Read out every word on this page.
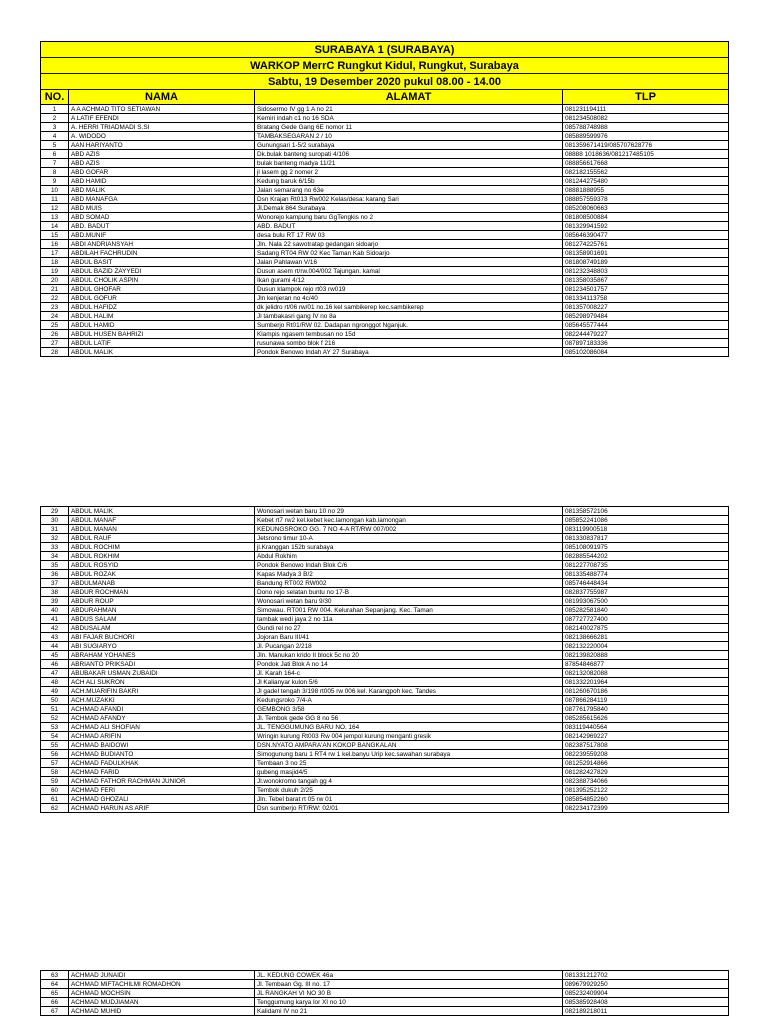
SURABAYA 1 (SURABAYA)			
WARKOP MerrC Rungkut Kidul, Rungkut, Surabaya			
Sabtu, 19 Desember 2020 pukul 08.00 - 14.00			
NO.	NAMA	ALAMAT	TLP
1	A A ACHMAD TITO SETIAWAN	Sidosermo IV gg 1 A no 21	081231194111
2	A LATIF EFENDI	Kemiri indah c1 no 16 SDA	081234508082
3	A. HERRI TRIADMADI S.SI	Bratang Gede Gang 6E nomor 11	085788748988
4	A. WIDODO	TAMBAKSEGARAN 2 / 10	085889599976
5	AAN HARIYANTO	Gunungsari 1-5/2 surabaya	081359671419/085707628776
6	ABD AZIS	Dk.bulak banteng suropati 4/106	08888 1018636/081217485105
7	ABD AZIS	bulak banteng madya 11/21	088856617668
8	ABD GOFAR	jl lasem gg 2 nomer 2	082182155562
9	ABD HAMID	Kedung baruk 6/15b	081244275480
10	ABD MALIK	Jalan semarang no 63e	08881888955
11	ABD MANAFGA	Dsn Krajan Rt013 Rw002 Kelas/desa: karang Sari	088857559378
12	ABD MUIS	Jl.Demak 864 Surabaya	085208060663
13	ABD SOMAD	Wonorejo kampung baru GgTengkis no 2	081808500884
14	ABD. BADUT	ABD. BADUT	081329941592
15	ABD.MUNIF	desa bulu RT 17 RW 03	085646390477
16	ABDI ANDRIANSYAH	Jln. Nala 22 sawotratap gedangan sidoarjo	081274225761
17	ABDILAH FACHRUDIN	Sadang RT04 RW 02 Kec Taman Kab Sidoarjo	081358901691
18	ABDUL BASIT	Jalan Pahlawan V/16	081808749189
19	ABDUL BAZID ZAYYEDI	Dusun asem rt/rw.004/002 Tajungan. kamal	081232348803
20	ABDUL CHOLIK ASPIN	Ikan gurami 4/12	081358035867
21	ABDUL GHOFAR	Dusun klampok rejo rt03 rw019	081234501757
22	ABDUL GOFUR	Jln kenjeran no 4c/40	081334113758
23	ABDUL HAFIDZ	dk jelidro rt/06 rw/01 no.16 kel sambikerep kec.sambikerep	081357008227
24	ABDUL HALIM	Jl tambakasri gang IV no 8a	085298979484
25	ABDUL HAMID	Sumberjo Rt01/RW 02. Dadapan ngronggot Nganjuk.	085645577444
26	ABDUL HUSEN BAHRIZI	Klampis ngasem tembusan no 15d	082244479227
27	ABDUL LATIF	rusunawa sombo blok f 216	087897183336
28	ABDUL MALIK	Pondok Benowo Indah AY 27 Surabaya	085102086084
29	ABDUL MALIK	Wonosari wetan baru 10 no 29	081358572106
30	ABDUL MANAF	Kebet rt7 rw2 kel.kebet kec.lamongan kab.lamongan	085852241086
31	ABDUL MANAN	KEDUNGSROKO GG. 7 NO 4-A RT/RW 007/002	083119900518
32	ABDUL RAUF	Jetsrono timur 10-A	081330837817
33	ABDUL ROCHIM	jl.Kranggan 152b surabaya	085108091975
34	ABDUL ROKHIM	Abdul Rokhim	082885544202
35	ABDUL ROSYID	Pondok Benowo Indah Blok C/6	081227708735
36	ABDUL ROZAK	Kapas Madya 3 B/2	081335488774
37	ABDULMANAB	Bandung RT002 RW002	085746448434
38	ABDUR ROCHMAN	Dono rejo selatan buntu no 17-B	082837755987
39	ABDUR ROUP	Wonosari wetan baru 9/30	081993067500
40	ABDURAHMAN	Simowau. RT001 RW 004. Kelurahan Sepanjang. Kec. Taman	085282581840
41	ABDUS SALAM	tambak wedi jaya 2 no 11a	087727727400
42	ABDUSALAM	Gundi rel no 27	082140027875
43	ABI FAJAR BUCHORI	Jojoran Baru III/41	082138666281
44	ABI SUGIARYO	Jl. Pucangan 2/218	082132220004
45	ABRAHAM YOHANES	Jln. Manukan krido II block 5c no 20	082139820888
46	ABRIANTO PRIKSADI	Pondok Jati Blok A no 14	87854846877
47	ABUBAKAR USMAN ZUBAIDI	Jl. Karah 164-c	082132082088
48	ACH ALI SUKRON	Jl Kalianyar kulon 5/6	081332201964
49	ACH.MUARIFIN BAKRI	Jl gadel tengah 3/198 rt005 rw 006 kel. Karangpoh kec. Tandes	081260670186
50	ACH.MUZAKKI	Kedungsroko 7/4-A	087866284119
51	ACHMAD AFANDI	GEMBONG 3/58	087761795840
52	ACHMAD AFANDY	Jl. Tembok gede GG 8 no 56	085285615626
53	ACHMAD ALI SHOFIAN	JL. TENGGUMUNG BARU NO. 164	083119440564
54	ACHMAD ARIFIN	Wringin kurung Rt003 Rw 004 jempol kurung menganti gresik	082142969227
55	ACHMAD BAIDOWI	DSN.NYATO AMPARA'AN KOKOP BANGKALAN	082387517808
56	ACHMAD BUDIANTO	Simogunung baru 1 RT4 rw 1 kel.banyu Urip kec.sawahan surabaya	082239559208
57	ACHMAD FADULKHAK	Tembaan 3 no 25	081252914866
58	ACHMAD FARID	gubeng masjid4/5	081282427829
59	ACHMAD FATHOR RACHMAN JUNIOR	Jl.wonokromo tangah gg 4	082388734066
60	ACHMAD FERI	Tembok dukuh 2/25	081395252122
61	ACHMAD GHOZALI	Jln. Tebel barat rt 05 rw 01	085854852260
62	ACHMAD HARUN AS ARIF	Dsn sumberjo RT/RW: 02/01	082234172399
63	ACHMAD JUNAIDI	JL. KEDUNG COWEK 46a	081331212702
64	ACHMAD MIFTACHILMI ROMADHON	Jl. Tembaan Gg. III no. 17	089679929250
65	ACHMAD MOCHSIN	JL RANGKAH VI NO 30 B	085232409904
66	ACHMAD MUDJIAMAN	Tenggumung karya lor XI no 10	085385928408
67	ACHMAD MUHID	Kalidami IV no 21	082189218011
